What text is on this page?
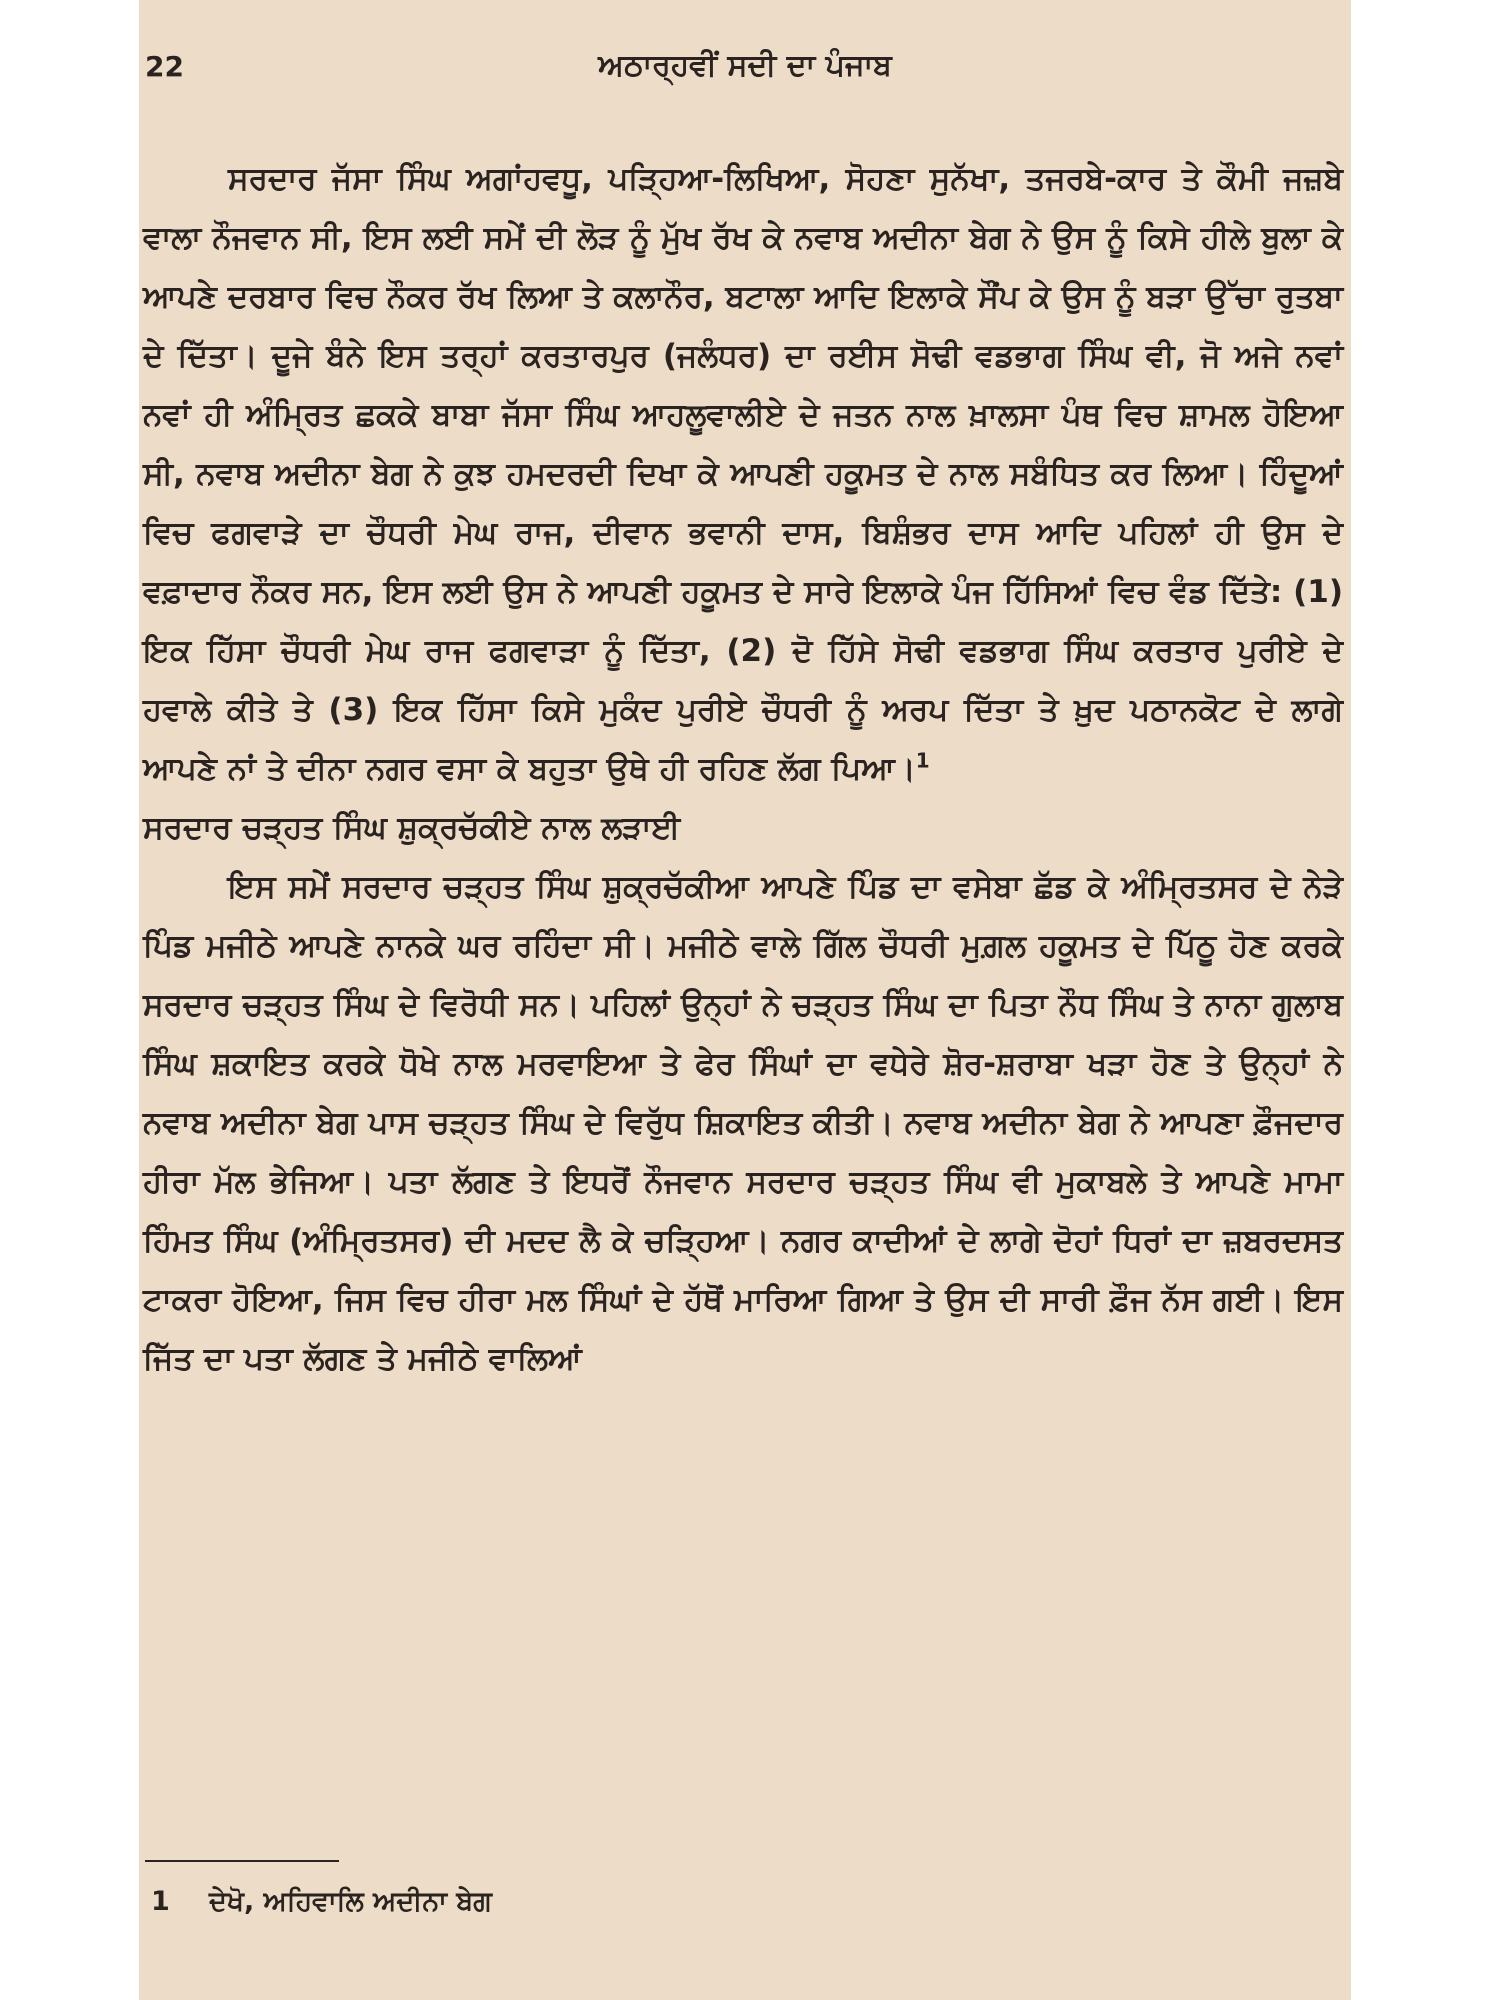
22	ਅਠਾਰ੍ਹਵੀਂ ਸਦੀ ਦਾ ਪੰਜਾਬ

ਸਰਦਾਰ ਜੱਸਾ ਸਿੰਘ ਅਗਾਂਹਵਧੂ, ਪੜ੍ਹਿਆ-ਲਿਖਿਆ, ਸੋਹਣਾ ਸੁਨੱਖਾ, ਤਜਰਬੇ-ਕਾਰ ਤੇ ਕੌਮੀ ਜਜ਼ਬੇ ਵਾਲਾ ਨੌਜਵਾਨ ਸੀ, ਇਸ ਲਈ ਸਮੇਂ ਦੀ ਲੋੜ ਨੂੰ ਮੁੱਖ ਰੱਖ ਕੇ ਨਵਾਬ ਅਦੀਨਾ ਬੇਗ ਨੇ ਉਸ ਨੂੰ ਕਿਸੇ ਹੀਲੇ ਬੁਲਾ ਕੇ ਆਪਣੇ ਦਰਬਾਰ ਵਿਚ ਨੌਕਰ ਰੱਖ ਲਿਆ ਤੇ ਕਲਾਨੌਰ, ਬਟਾਲਾ ਆਦਿ ਇਲਾਕੇ ਸੌਂਪ ਕੇ ਉਸ ਨੂੰ ਬੜਾ ਉੱਚਾ ਰੁਤਬਾ ਦੇ ਦਿੱਤਾ। ਦੂਜੇ ਬੰਨੇ ਇਸ ਤਰ੍ਹਾਂ ਕਰਤਾਰਪੁਰ (ਜਲੰਧਰ) ਦਾ ਰਈਸ ਸੋਢੀ ਵਡਭਾਗ ਸਿੰਘ ਵੀ, ਜੋ ਅਜੇ ਨਵਾਂ ਨਵਾਂ ਹੀ ਅੰਮ੍ਰਿਤ ਛਕਕੇ ਬਾਬਾ ਜੱਸਾ ਸਿੰਘ ਆਹਲੂਵਾਲੀਏ ਦੇ ਜਤਨ ਨਾਲ ਖ਼ਾਲਸਾ ਪੰਥ ਵਿਚ ਸ਼ਾਮਲ ਹੋਇਆ ਸੀ, ਨਵਾਬ ਅਦੀਨਾ ਬੇਗ ਨੇ ਕੁਝ ਹਮਦਰਦੀ ਦਿਖਾ ਕੇ ਆਪਣੀ ਹਕੂਮਤ ਦੇ ਨਾਲ ਸਬੰਧਿਤ ਕਰ ਲਿਆ। ਹਿੰਦੂਆਂ ਵਿਚ ਫਗਵਾੜੇ ਦਾ ਚੌਧਰੀ ਮੇਘ ਰਾਜ, ਦੀਵਾਨ ਭਵਾਨੀ ਦਾਸ, ਬਿਸ਼ੰਭਰ ਦਾਸ ਆਦਿ ਪਹਿਲਾਂ ਹੀ ਉਸ ਦੇ ਵਫ਼ਾਦਾਰ ਨੌਕਰ ਸਨ, ਇਸ ਲਈ ਉਸ ਨੇ ਆਪਣੀ ਹਕੂਮਤ ਦੇ ਸਾਰੇ ਇਲਾਕੇ ਪੰਜ ਹਿੱਸਿਆਂ ਵਿਚ ਵੰਡ ਦਿੱਤੇ: (1) ਇਕ ਹਿੱਸਾ ਚੌਧਰੀ ਮੇਘ ਰਾਜ ਫਗਵਾੜਾ ਨੂੰ ਦਿੱਤਾ, (2) ਦੋ ਹਿੱਸੇ ਸੋਢੀ ਵਡਭਾਗ ਸਿੰਘ ਕਰਤਾਰ ਪੁਰੀਏ ਦੇ ਹਵਾਲੇ ਕੀਤੇ ਤੇ (3) ਇਕ ਹਿੱਸਾ ਕਿਸੇ ਮੁਕੰਦ ਪੁਰੀਏ ਚੌਧਰੀ ਨੂੰ ਅਰਪ ਦਿੱਤਾ ਤੇ ਖ਼ੁਦ ਪਠਾਨਕੋਟ ਦੇ ਲਾਗੇ ਆਪਣੇ ਨਾਂ ਤੇ ਦੀਨਾ ਨਗਰ ਵਸਾ ਕੇ ਬਹੁਤਾ ਉਥੇ ਹੀ ਰਹਿਣ ਲੱਗ ਪਿਆ।$^1$

ਸਰਦਾਰ ਚੜ੍ਹਤ ਸਿੰਘ ਸ਼ੁਕ੍ਰਚੱਕੀਏ ਨਾਲ ਲੜਾਈ

ਇਸ ਸਮੇਂ ਸਰਦਾਰ ਚੜ੍ਹਤ ਸਿੰਘ ਸ਼ੁਕ੍ਰਚੱਕੀਆ ਆਪਣੇ ਪਿੰਡ ਦਾ ਵਸੇਬਾ ਛੱਡ ਕੇ ਅੰਮ੍ਰਿਤਸਰ ਦੇ ਨੇੜੇ ਪਿੰਡ ਮਜੀਠੇ ਆਪਣੇ ਨਾਨਕੇ ਘਰ ਰਹਿੰਦਾ ਸੀ। ਮਜੀਠੇ ਵਾਲੇ ਗਿੱਲ ਚੌਧਰੀ ਮੁਗ਼ਲ ਹਕੂਮਤ ਦੇ ਪਿੱਠੂ ਹੋਣ ਕਰਕੇ ਸਰਦਾਰ ਚੜ੍ਹਤ ਸਿੰਘ ਦੇ ਵਿਰੋਧੀ ਸਨ। ਪਹਿਲਾਂ ਉਨ੍ਹਾਂ ਨੇ ਚੜ੍ਹਤ ਸਿੰਘ ਦਾ ਪਿਤਾ ਨੌਧ ਸਿੰਘ ਤੇ ਨਾਨਾ ਗੁਲਾਬ ਸਿੰਘ ਸ਼ਕਾਇਤ ਕਰਕੇ ਧੋਖੇ ਨਾਲ ਮਰਵਾਇਆ ਤੇ ਫੇਰ ਸਿੰਘਾਂ ਦਾ ਵਧੇਰੇ ਸ਼ੋਰ-ਸ਼ਰਾਬਾ ਖੜਾ ਹੋਣ ਤੇ ਉਨ੍ਹਾਂ ਨੇ ਨਵਾਬ ਅਦੀਨਾ ਬੇਗ ਪਾਸ ਚੜ੍ਹਤ ਸਿੰਘ ਦੇ ਵਿਰੁੱਧ ਸ਼ਿਕਾਇਤ ਕੀਤੀ। ਨਵਾਬ ਅਦੀਨਾ ਬੇਗ ਨੇ ਆਪਣਾ ਫ਼ੌਜਦਾਰ ਹੀਰਾ ਮੱਲ ਭੇਜਿਆ। ਪਤਾ ਲੱਗਣ ਤੇ ਇਧਰੋਂ ਨੌਜਵਾਨ ਸਰਦਾਰ ਚੜ੍ਹਤ ਸਿੰਘ ਵੀ ਮੁਕਾਬਲੇ ਤੇ ਆਪਣੇ ਮਾਮਾ ਹਿੰਮਤ ਸਿੰਘ (ਅੰਮ੍ਰਿਤਸਰ) ਦੀ ਮਦਦ ਲੈ ਕੇ ਚੜ੍ਹਿਆ। ਨਗਰ ਕਾਦੀਆਂ ਦੇ ਲਾਗੇ ਦੋਹਾਂ ਧਿਰਾਂ ਦਾ ਜ਼ਬਰਦਸਤ ਟਾਕਰਾ ਹੋਇਆ, ਜਿਸ ਵਿਚ ਹੀਰਾ ਮਲ ਸਿੰਘਾਂ ਦੇ ਹੱਥੋਂ ਮਾਰਿਆ ਗਿਆ ਤੇ ਉਸ ਦੀ ਸਾਰੀ ਫ਼ੌਜ ਨੱਸ ਗਈ। ਇਸ ਜਿੱਤ ਦਾ ਪਤਾ ਲੱਗਣ ਤੇ ਮਜੀਠੇ ਵਾਲਿਆਂ

1 ਦੇਖੋ, ਅਹਿਵਾਲਿ ਅਦੀਨਾ ਬੇਗ
